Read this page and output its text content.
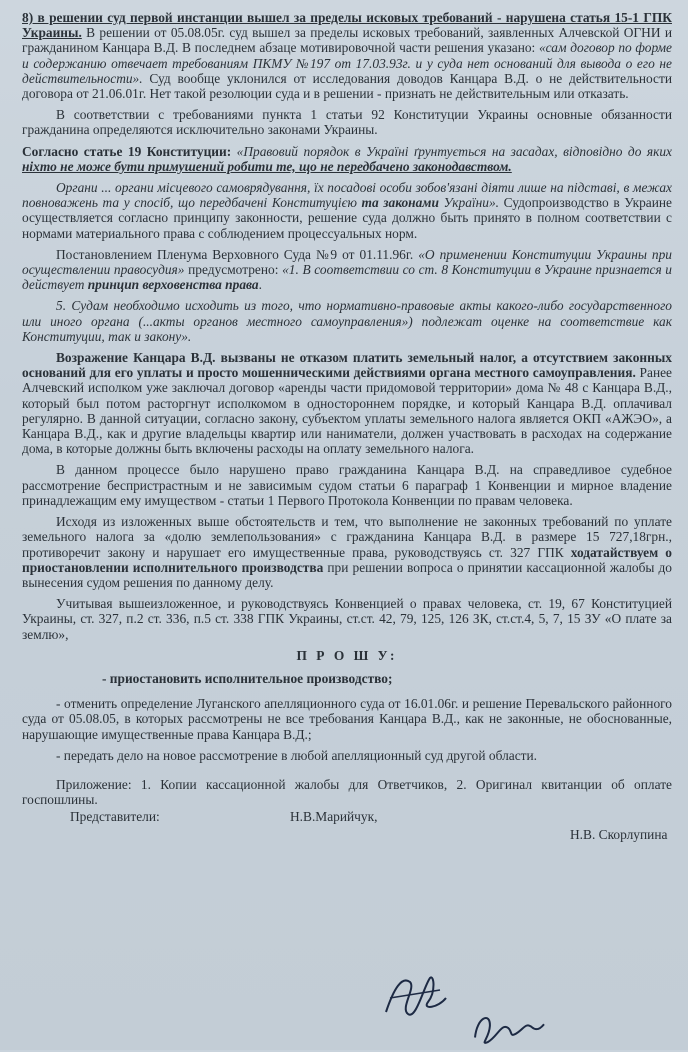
8) в решении суд первой инстанции вышел за пределы исковых требований - нарушена статья 15-1 ГПК Украины. В решении от 05.08.05г. суд вышел за пределы исковых требований, заявленных Алчевской ОГНИ и гражданином Канцара В.Д. В последнем абзаце мотивировочной части решения указано: «сам договор по форме и содержанию отвечает требованиям ПКМУ №197 от 17.03.93г. и у суда нет оснований для вывода о его не действительности». Суд вообще уклонился от исследования доводов Канцара В.Д. о не действительности договора от 21.06.01г. Нет такой резолюции суда и в решении - признать не действительным или отказать.

В соответствии с требованиями пункта 1 статьи 92 Конституции Украины основные обязанности гражданина определяются исключительно законами Украины.

Согласно статье 19 Конституции: «Правовий порядок в Україні ґрунтується на засадах, відповідно до яких ніхто не може бути примушений робити те, що не передбачено законодавством.

Органи ... органи місцевого самоврядування, їх посадові особи зобов'язані діяти лише на підставі, в межах повноважень та у спосіб, що передбачені Конституцією та законами України». Судопроизводство в Украине осуществляется согласно принципу законности, решение суда должно быть принято в полном соответствии с нормами материального права с соблюдением процессуальных норм.

Постановлением Пленума Верховного Суда №9 от 01.11.96г. «О применении Конституции Украины при осуществлении правосудия» предусмотрено: «1. В соответствии со ст. 8 Конституции в Украине признается и действует принцип верховенства права.

5. Судам необходимо исходить из того, что нормативно-правовые акты какого-либо государственного или иного органа (...акты органов местного самоуправления») подлежат оценке на соответствие как Конституции, так и закону».

Возражение Канцара В.Д. вызваны не отказом платить земельный налог, а отсутствием законных оснований для его уплаты и просто мошенническими действиями органа местного самоуправления. Ранее Алчевский исполком уже заключал договор «аренды части придомовой территории» дома № 48 с Канцара В.Д., который был потом расторгнут исполкомом в одностороннем порядке, и который Канцара В.Д. оплачивал регулярно. В данной ситуации, согласно закону, субъектом уплаты земельного налога является ОКП «АЖЭО», а Канцара В.Д., как и другие владельцы квартир или наниматели, должен участвовать в расходах на содержание дома, в которые должны быть включены расходы на оплату земельного налога.

В данном процессе было нарушено право гражданина Канцара В.Д. на справедливое судебное рассмотрение беспристрастным и не зависимым судом статьи 6 параграф 1 Конвенции и мирное владение принадлежащим ему имуществом - статьи 1 Первого Протокола Конвенции по правам человека.

Исходя из изложенных выше обстоятельств и тем, что выполнение не законных требований по уплате земельного налога за «долю землепользования» с гражданина Канцара В.Д. в размере 15 727,18грн., противоречит закону и нарушает его имущественные права, руководствуясь ст. 327 ГПК ходатайствуем о приостановлении исполнительного производства при решении вопроса о принятии кассационной жалобы до вынесения судом решения по данному делу.

Учитывая вышеизложенное, и руководствуясь Конвенцией о правах человека, ст. 19, 67 Конституцией Украины, ст. 327, п.2 ст. 336, п.5 ст. 338 ГПК Украины, ст.ст. 42, 79, 125, 126 ЗК, ст.ст.4, 5, 7, 15 ЗУ «О плате за землю»,

П Р О Ш У:

- приостановить исполнительное производство;

- отменить определение Луганского апелляционного суда от 16.01.06г. и решение Перевальского районного суда от 05.08.05, в которых рассмотрены не все требования Канцара В.Д., как не законные, не обоснованные, нарушающие имущественные права Канцара В.Д.;

- передать дело на новое рассмотрение в любой апелляционный суд другой области.

Приложение: 1. Копии кассационной жалобы для Ответчиков, 2. Оригинал квитанции об оплате госпошлины.

Представители:	Н.В.Марийчук,
Н.В. Скорлупина
